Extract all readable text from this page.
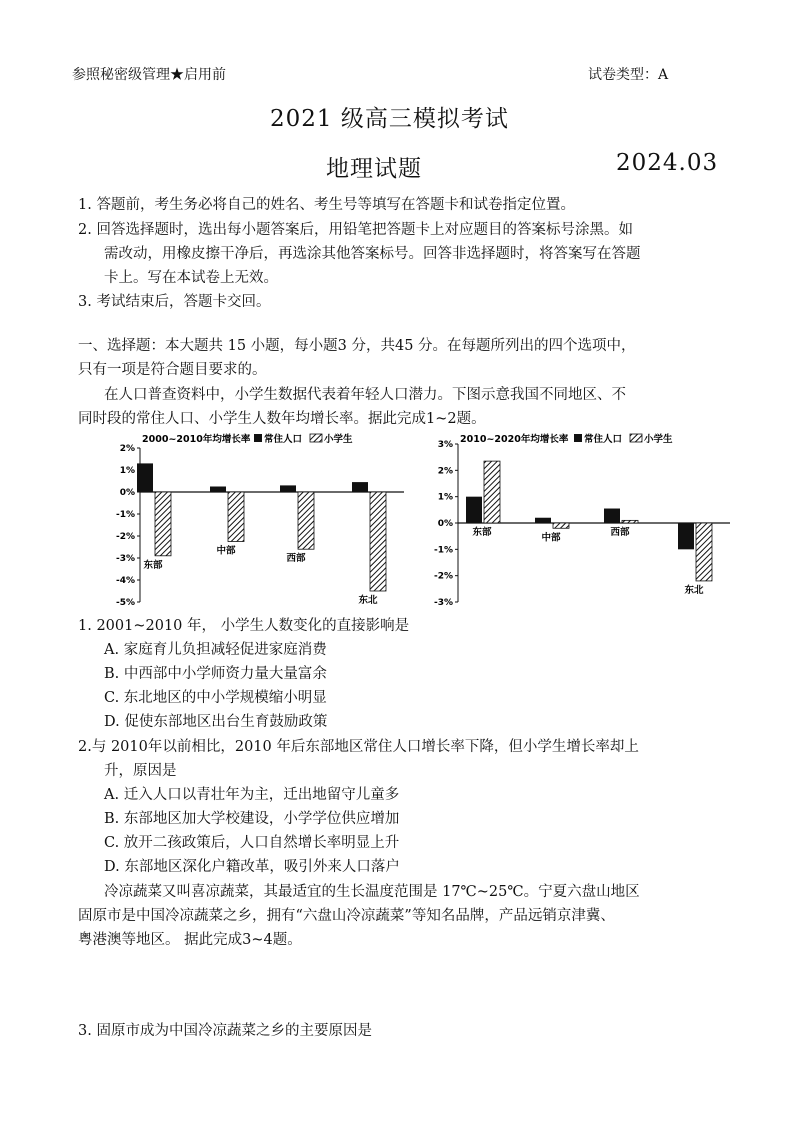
参照秘密级管理★启用前	试卷类型：A
2021 级高三模拟考试
地理试题	2024.03
1. 答题前，考生务必将自己的姓名、考生号等填写在答题卡和试卷指定位置。
2. 回答选择题时，选出每小题答案后，用铅笔把答题卡上对应题目的答案标号涂黑。如
需改动，用橡皮擦干净后，再选涂其他答案标号。回答非选择题时，将答案写在答题
卡上。写在本试卷上无效。
3. 考试结束后，答题卡交回。
一、选择题：本大题共 15 小题，每小题3 分，共45 分。在每题所列出的四个选项中，
只有一项是符合题目要求的。
在人口普查资料中，小学生数据代表着年轻人口潜力。下图示意我国不同地区、不
同时段的常住人口、小学生人数年均增长率。据此完成1~2题。
2000~2010年均增长率 常住人口 小学生
2%
1%
0%
-1%
-2%
-3%
-4%
-5%
东部
中部
西部
东北
2010~2020年均增长率 常住人口 小学生
3%
2%
1%
0%
-1%
-2%
-3%
东部	中部	西部
东北
1. 2001~2010 年， 小学生人数变化的直接影响是
A. 家庭育儿负担减轻促进家庭消费
B. 中西部中小学师资力量大量富余
C. 东北地区的中小学规模缩小明显
D. 促使东部地区出台生育鼓励政策
2.与 2010年以前相比，2010 年后东部地区常住人口增长率下降，但小学生增长率却上
升，原因是
A. 迁入人口以青壮年为主，迁出地留守儿童多
B. 东部地区加大学校建设，小学学位供应增加
C. 放开二孩政策后，人口自然增长率明显上升
D. 东部地区深化户籍改革，吸引外来人口落户
冷凉蔬菜又叫喜凉蔬菜，其最适宜的生长温度范围是 17℃~25℃。宁夏六盘山地区
固原市是中国冷凉蔬菜之乡，拥有“六盘山冷凉蔬菜”等知名品牌，产品远销京津冀、
粤港澳等地区。 据此完成3~4题。
3. 固原市成为中国冷凉蔬菜之乡的主要原因是
